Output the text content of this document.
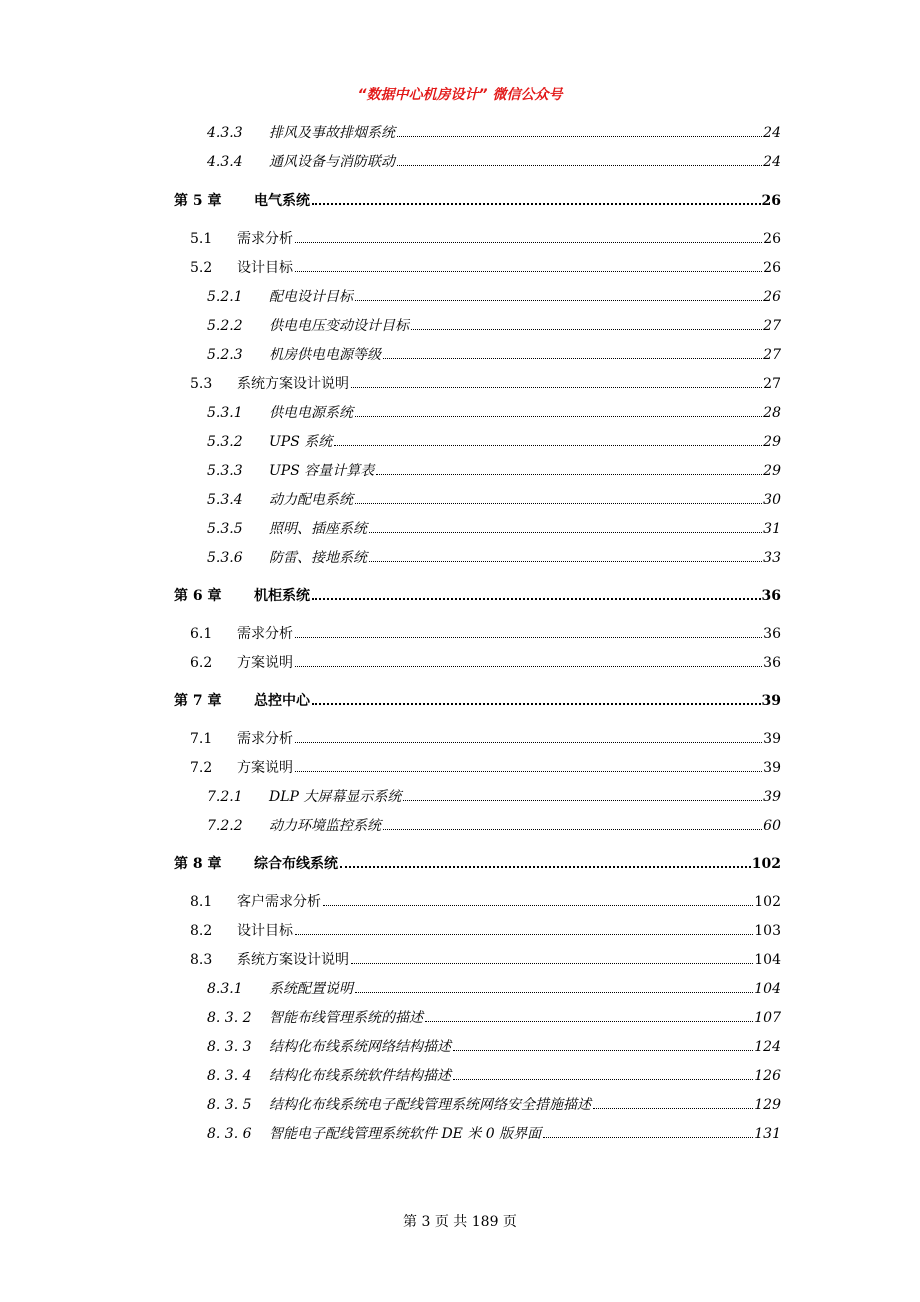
“数据中心机房设计” 微信公众号
4.3.3	排风及事故排烟系统	24
4.3.4	通风设备与消防联动	24
第 5 章	电气系统	26
5.1	需求分析	26
5.2	设计目标	26
5.2.1	配电设计目标	26
5.2.2	供电电压变动设计目标	27
5.2.3	机房供电电源等级	27
5.3	系统方案设计说明	27
5.3.1	供电电源系统	28
5.3.2	UPS 系统	29
5.3.3	UPS 容量计算表	29
5.3.4	动力配电系统	30
5.3.5	照明、插座系统	31
5.3.6	防雷、接地系统	33
第 6 章	机柜系统	36
6.1	需求分析	36
6.2	方案说明	36
第 7 章	总控中心	39
7.1	需求分析	39
7.2	方案说明	39
7.2.1	DLP 大屏幕显示系统	39
7.2.2	动力环境监控系统	60
第 8 章	综合布线系统	102
8.1	客户需求分析	102
8.2	设计目标	103
8.3	系统方案设计说明	104
8.3.1	系统配置说明	104
8. 3. 2	智能布线管理系统的描述	107
8. 3. 3	结构化布线系统网络结构描述	124
8. 3. 4	结构化布线系统软件结构描述	126
8. 3. 5	结构化布线系统电子配线管理系统网络安全措施描述	129
8. 3. 6	智能电子配线管理系统软件 DE 米 0 版界面	131
第 3 页 共 189 页
